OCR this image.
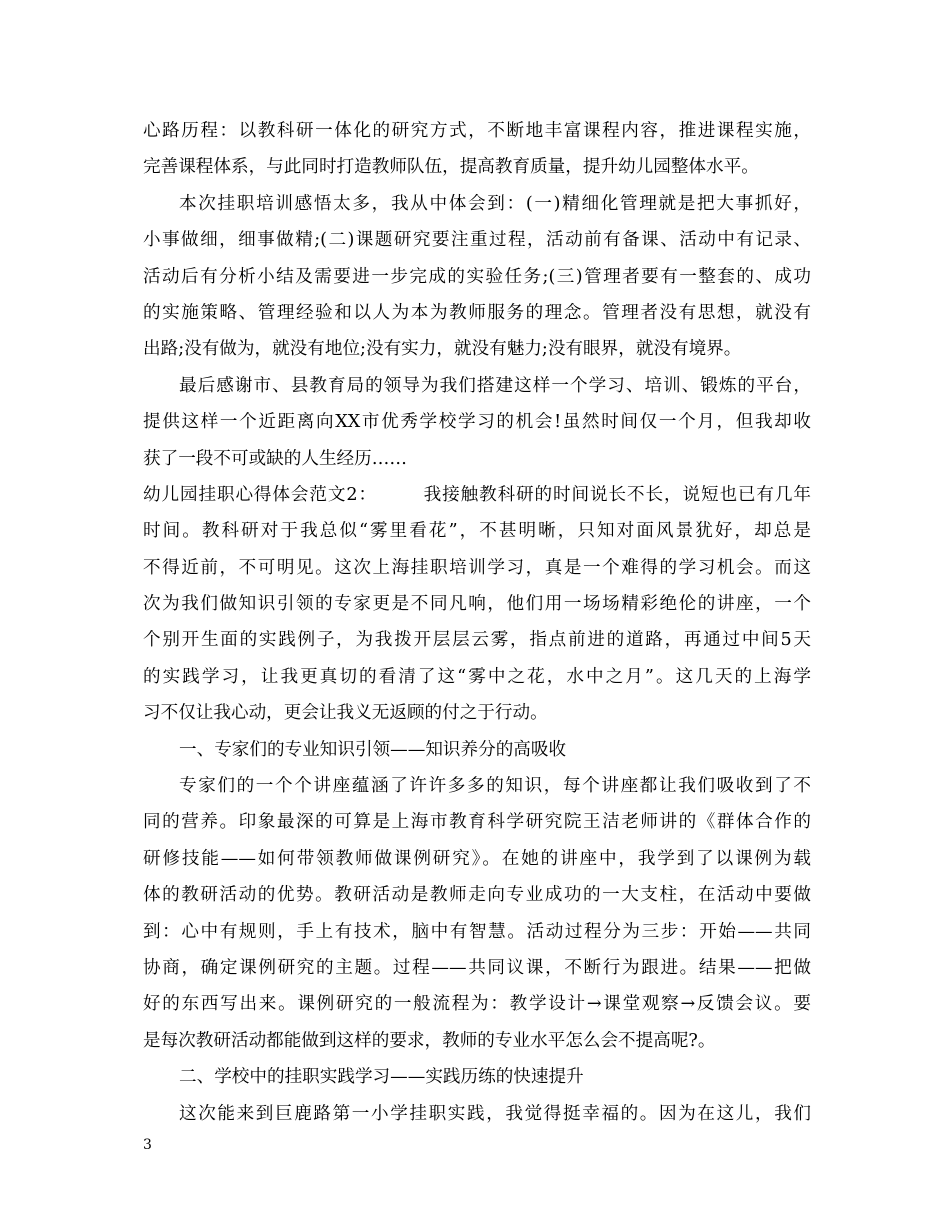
心路历程：以教科研一体化的研究方式，不断地丰富课程内容，推进课程实施，
完善课程体系，与此同时打造教师队伍，提高教育质量，提升幼儿园整体水平。
本次挂职培训感悟太多，我从中体会到：(一)精细化管理就是把大事抓好，
小事做细，细事做精;(二)课题研究要注重过程，活动前有备课、活动中有记录、
活动后有分析小结及需要进一步完成的实验任务;(三)管理者要有一整套的、成功
的实施策略、管理经验和以人为本为教师服务的理念。管理者没有思想，就没有
出路;没有做为，就没有地位;没有实力，就没有魅力;没有眼界，就没有境界。
最后感谢市、县教育局的领导为我们搭建这样一个学习、培训、锻炼的平台，
提供这样一个近距离向XX市优秀学校学习的机会!虽然时间仅一个月，但我却收
获了一段不可或缺的人生经历……
幼儿园挂职心得体会范文2：　　　我接触教科研的时间说长不长，说短也已有几年
时间。教科研对于我总似“雾里看花”，不甚明晰，只知对面风景犹好，却总是
不得近前，不可明见。这次上海挂职培训学习，真是一个难得的学习机会。而这
次为我们做知识引领的专家更是不同凡响，他们用一场场精彩绝伦的讲座，一个
个别开生面的实践例子，为我拨开层层云雾，指点前进的道路，再通过中间5天
的实践学习，让我更真切的看清了这“雾中之花，水中之月”。这几天的上海学
习不仅让我心动，更会让我义无返顾的付之于行动。
一、专家们的专业知识引领——知识养分的高吸收
专家们的一个个讲座蕴涵了许许多多的知识，每个讲座都让我们吸收到了不
同的营养。印象最深的可算是上海市教育科学研究院王洁老师讲的《群体合作的
研修技能——如何带领教师做课例研究》。在她的讲座中，我学到了以课例为载
体的教研活动的优势。教研活动是教师走向专业成功的一大支柱，在活动中要做
到：心中有规则，手上有技术，脑中有智慧。活动过程分为三步：开始——共同
协商，确定课例研究的主题。过程——共同议课，不断行为跟进。结果——把做
好的东西写出来。课例研究的一般流程为：教学设计→课堂观察→反馈会议。要
是每次教研活动都能做到这样的要求，教师的专业水平怎么会不提高呢?。
二、学校中的挂职实践学习——实践历练的快速提升
这次能来到巨鹿路第一小学挂职实践，我觉得挺幸福的。因为在这儿，我们
3
